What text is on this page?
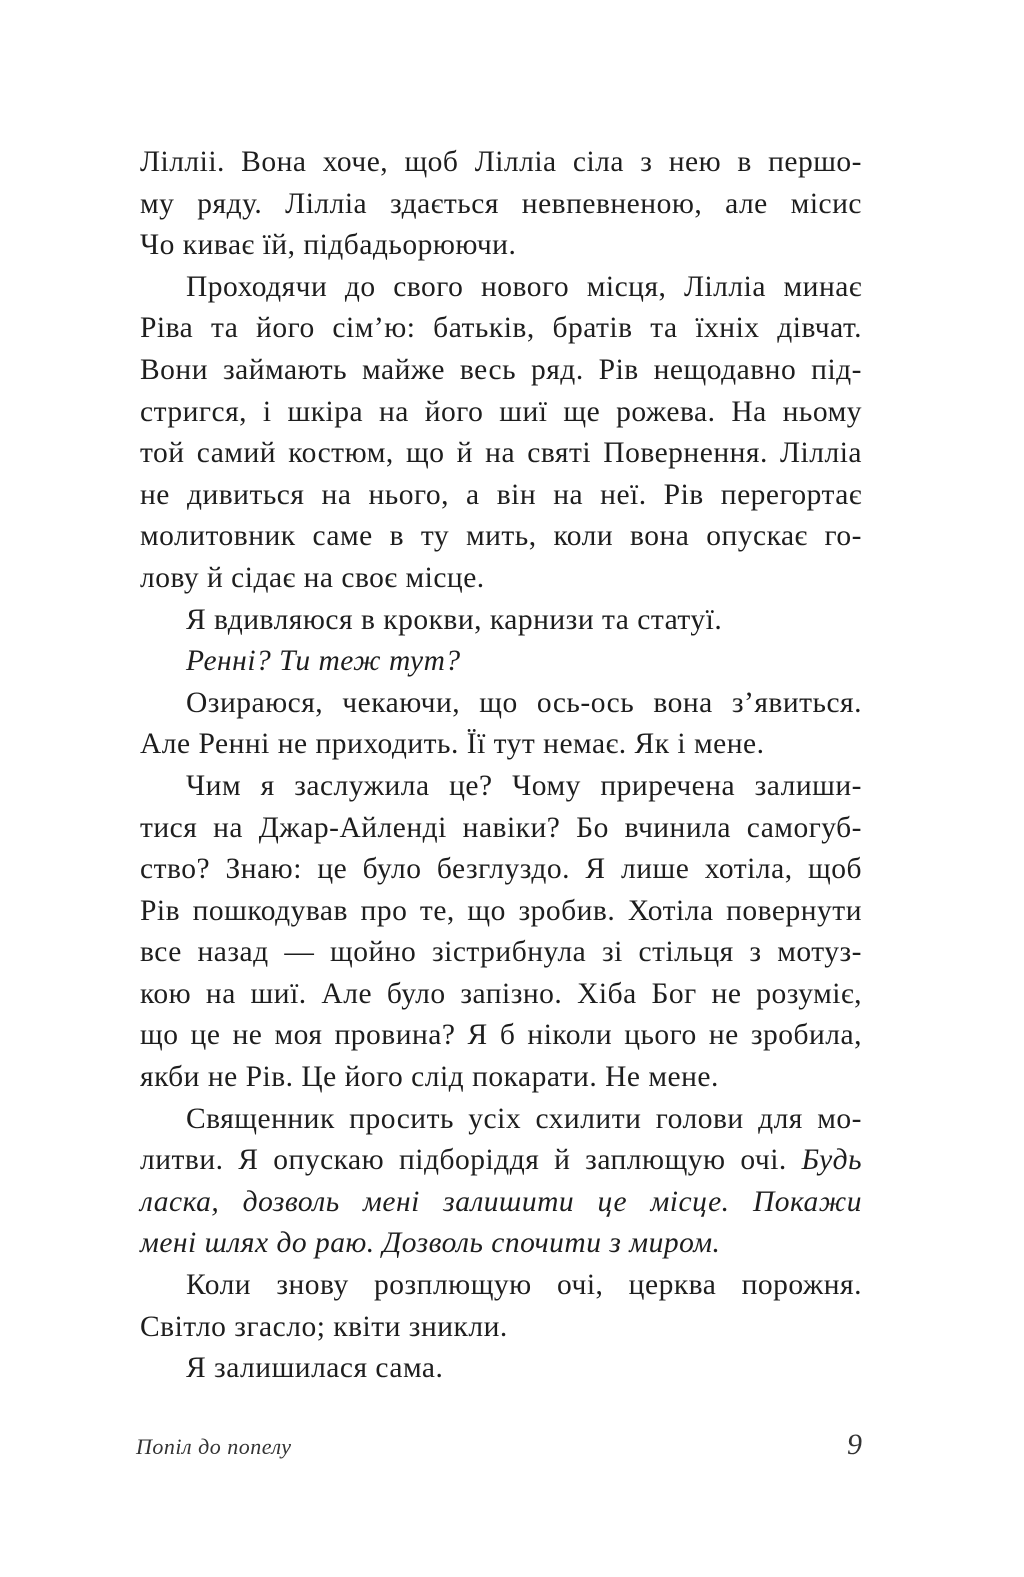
Лілліі. Вона хоче, щоб Лілліа сіла з нею в першо-
му ряду. Лілліа здається невпевненою, але місис
Чо киває їй, підбадьорюючи.
Проходячи до свого нового місця, Лілліа минає
Ріва та його сім’ю: батьків, братів та їхніх дівчат.
Вони займають майже весь ряд. Рів нещодавно під-
стригся, і шкіра на його шиї ще рожева. На ньому
той самий костюм, що й на святі Повернення. Лілліа
не дивиться на нього, а він на неї. Рів перегортає
молитовник саме в ту мить, коли вона опускає го-
лову й сідає на своє місце.
Я вдивляюся в крокви, карнизи та статуї.
Ренні? Ти теж тут?
Озираюся, чекаючи, що ось-ось вона з’явиться.
Але Ренні не приходить. Її тут немає. Як і мене.
Чим я заслужила це? Чому приречена залиши-
тися на Джар-Айленді навіки? Бо вчинила самогуб-
ство? Знаю: це було безглуздо. Я лише хотіла, щоб
Рів пошкодував про те, що зробив. Хотіла повернути
все назад — щойно зістрибнула зі стільця з мотуз-
кою на шиї. Але було запізно. Хіба Бог не розуміє,
що це не моя провина? Я б ніколи цього не зробила,
якби не Рів. Це його слід покарати. Не мене.
Священник просить усіх схилити голови для мо-
литви. Я опускаю підборіддя й заплющую очі. Будь
ласка, дозволь мені залишити це місце. Покажи
мені шлях до раю. Дозволь спочити з миром.
Коли знову розплющую очі, церква порожня.
Світло згасло; квіти зникли.
Я залишилася сама.
Попіл до попелу	9
